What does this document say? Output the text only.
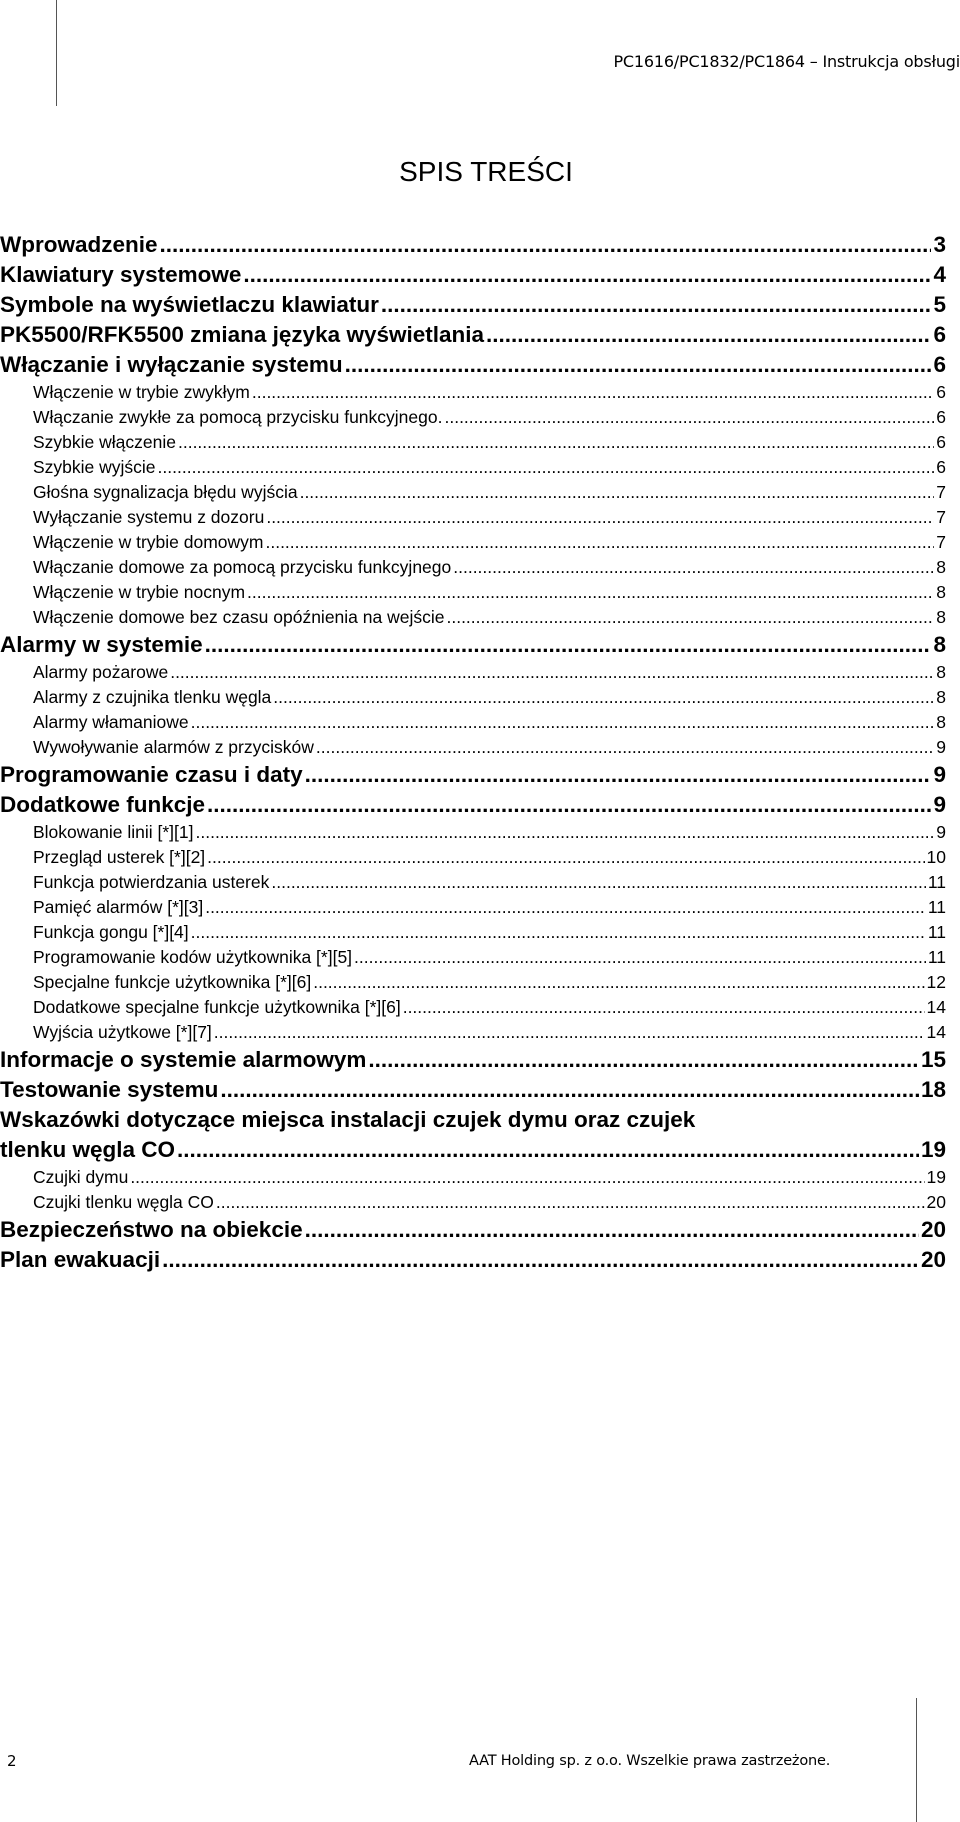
PC1616/PC1832/PC1864 – Instrukcja obsługi
SPIS TREŚCI
Wprowadzenie .....	3
Klawiatury systemowe .....	4
Symbole na wyświetlaczu klawiatur .....	5
PK5500/RFK5500 zmiana języka wyświetlania .....	6
Włączanie i wyłączanie systemu .....	6
Włączenie w trybie zwykłym .....	6
Włączanie zwykłe za pomocą przycisku funkcyjnego. .....	6
Szybkie włączenie .....	6
Szybkie wyjście .....	6
Głośna sygnalizacja błędu wyjścia .....	7
Wyłączanie systemu z dozoru .....	7
Włączenie w trybie domowym .....	7
Włączanie domowe za pomocą przycisku funkcyjnego .....	8
Włączenie w trybie nocnym .....	8
Włączenie domowe bez czasu opóźnienia na wejście .....	8
Alarmy w systemie .....	8
Alarmy pożarowe .....	8
Alarmy z czujnika tlenku węgla .....	8
Alarmy włamaniowe .....	8
Wywoływanie alarmów z przycisków .....	9
Programowanie czasu i daty .....	9
Dodatkowe funkcje .....	9
Blokowanie linii [*][1] .....	9
Przegląd usterek [*][2] .....	10
Funkcja potwierdzania usterek .....	11
Pamięć alarmów [*][3] .....	11
Funkcja gongu [*][4] .....	11
Programowanie kodów użytkownika [*][5] .....	11
Specjalne funkcje użytkownika [*][6] .....	12
Dodatkowe specjalne funkcje użytkownika [*][6] .....	14
Wyjścia użytkowe [*][7] .....	14
Informacje o systemie alarmowym .....	15
Testowanie systemu .....	18
Wskazówki dotyczące miejsca instalacji czujek dymu oraz czujek
tlenku węgla CO .....	19
Czujki dymu .....	19
Czujki tlenku węgla CO .....	20
Bezpieczeństwo na obiekcie .....	20
Plan ewakuacji .....	20
2	AAT Holding sp. z o.o. Wszelkie prawa zastrzeżone.
